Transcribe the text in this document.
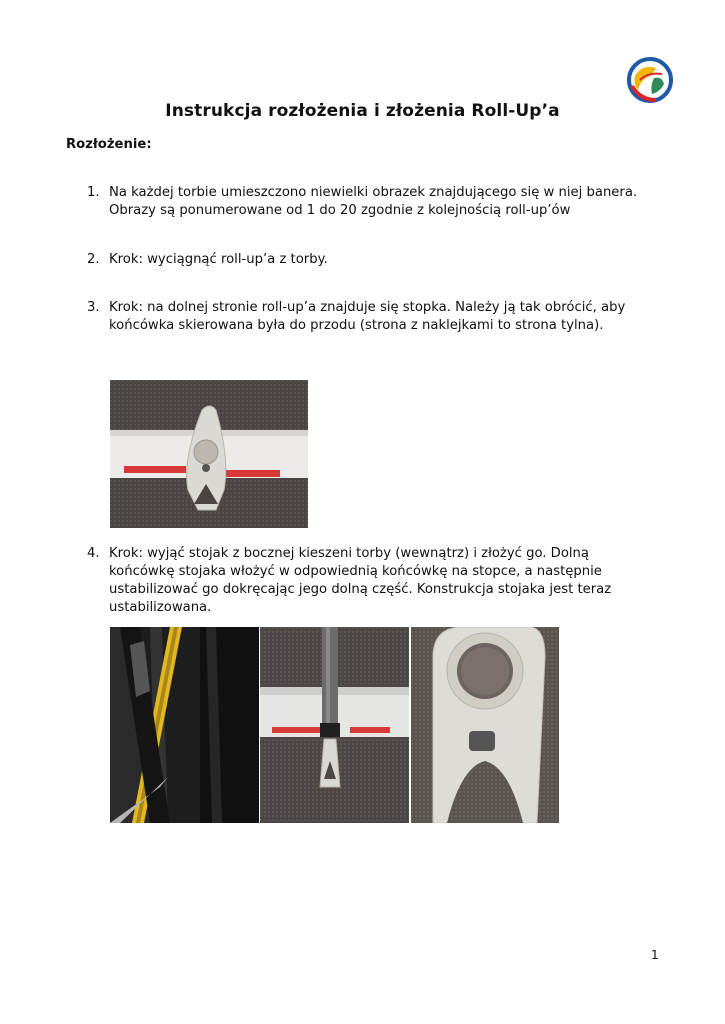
·····
Instrukcja rozłożenia i złożenia Roll-Up’a
Rozłożenie:
1. Na każdej torbie umieszczono niewielki obrazek znajdującego się w niej banera.
Obrazy są ponumerowane od 1 do 20 zgodnie z kolejnością roll-up’ów
2. Krok: wyciągnąć roll-up’a z torby.
3. Krok: na dolnej stronie roll-up’a znajduje się stopka. Należy ją tak obrócić, aby
końcówka skierowana była do przodu (strona z naklejkami to strona tylna).
4. Krok: wyjąć stojak z bocznej kieszeni torby (wewnątrz) i złożyć go. Dolną
końcówkę stojaka włożyć w odpowiednią końcówkę na stopce, a następnie
ustabilizować go dokręcając jego dolną część. Konstrukcja stojaka jest teraz
ustabilizowana.
1
